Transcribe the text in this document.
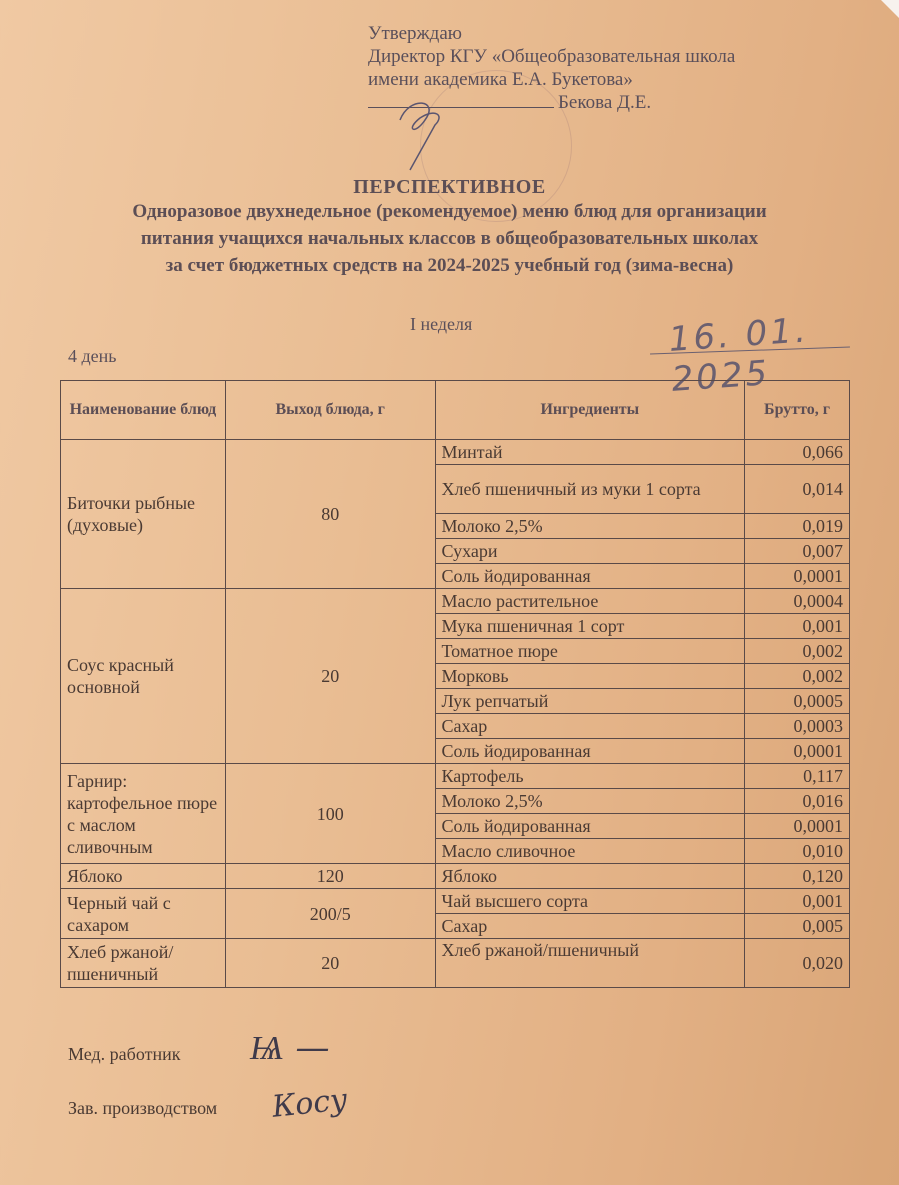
Утверждаю
Директор КГУ «Общеобразовательная школа
имени академика Е.А. Букетова»
Бекова Д.Е.
ПЕРСПЕКТИВНОЕ
Одноразовое двухнедельное (рекомендуемое) меню блюд для организации
питания учащихся начальных классов в общеобразовательных школах
за счет бюджетных средств на 2024-2025 учебный год (зима-весна)
I неделя
4 день	16. 01. 2025
Наименование блюд	Выход блюда, г	Ингредиенты	Брутто, г
Биточки рыбные (духовые)	80	Минтай	0,066
		Хлеб пшеничный из муки 1 сорта	0,014
		Молоко 2,5%	0,019
		Сухари	0,007
		Соль йодированная	0,0001
Соус красный основной	20	Масло растительное	0,0004
		Мука пшеничная 1 сорт	0,001
		Томатное пюре	0,002
		Морковь	0,002
		Лук репчатый	0,0005
		Сахар	0,0003
		Соль йодированная	0,0001
Гарнир: картофельное пюре с маслом сливочным	100	Картофель	0,117
		Молоко 2,5%	0,016
		Соль йодированная	0,0001
		Масло сливочное	0,010
Яблоко	120	Яблоко	0,120
Черный чай с сахаром	200/5	Чай высшего сорта	0,001
		Сахар	0,005
Хлеб ржаной/ пшеничный	20	Хлеб ржаной/пшеничный	0,020
Мед. работник Ѩ —
Зав. производством Косу
